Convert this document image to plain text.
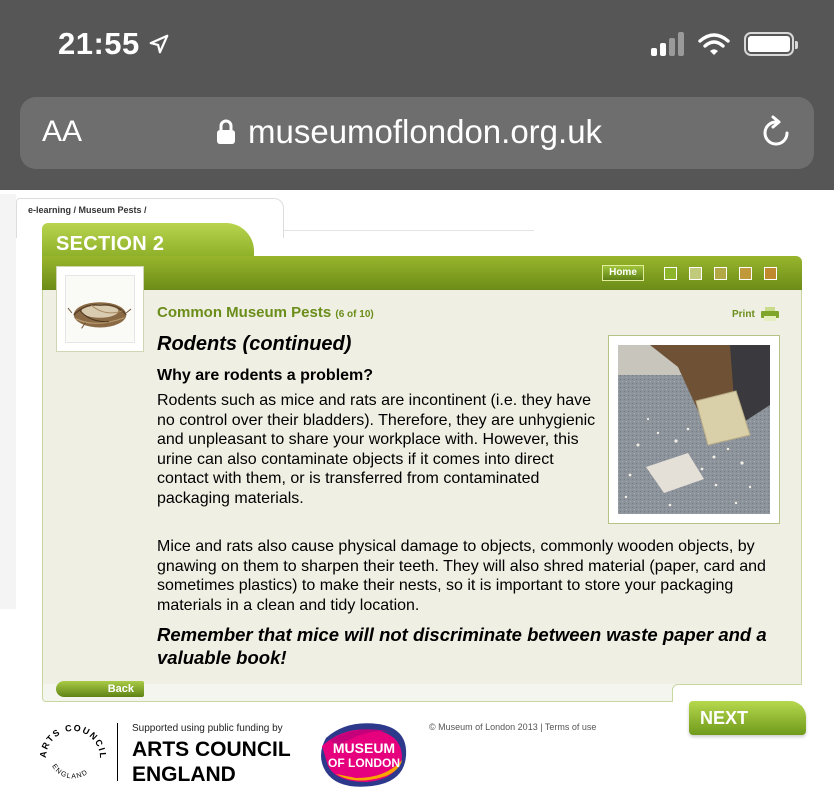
21:55
AA	museumoflondon.org.uk
e-learning / Museum Pests /
SECTION 2
Home
Common Museum Pests (6 of 10)	Print
Rodents (continued)
Why are rodents a problem?

Rodents such as mice and rats are incontinent (i.e. they have no control over their bladders). Therefore, they are unhygienic and unpleasant to share your workplace with. However, this urine can also contaminate objects if it comes into direct contact with them, or is transferred from contaminated packaging materials.

Mice and rats also cause physical damage to objects, commonly wooden objects, by gnawing on them to sharpen their teeth. They will also shred material (paper, card and sometimes plastics) to make their nests, so it is important to store your packaging materials in a clean and tidy location.

Remember that mice will not discriminate between waste paper and a valuable book!

Back
NEXT
ARTS COUNCIL
ENGLAND
Supported using public funding by
ARTS COUNCIL
ENGLAND
MUSEUM
OF LONDON
© Museum of London 2013 | Terms of use
